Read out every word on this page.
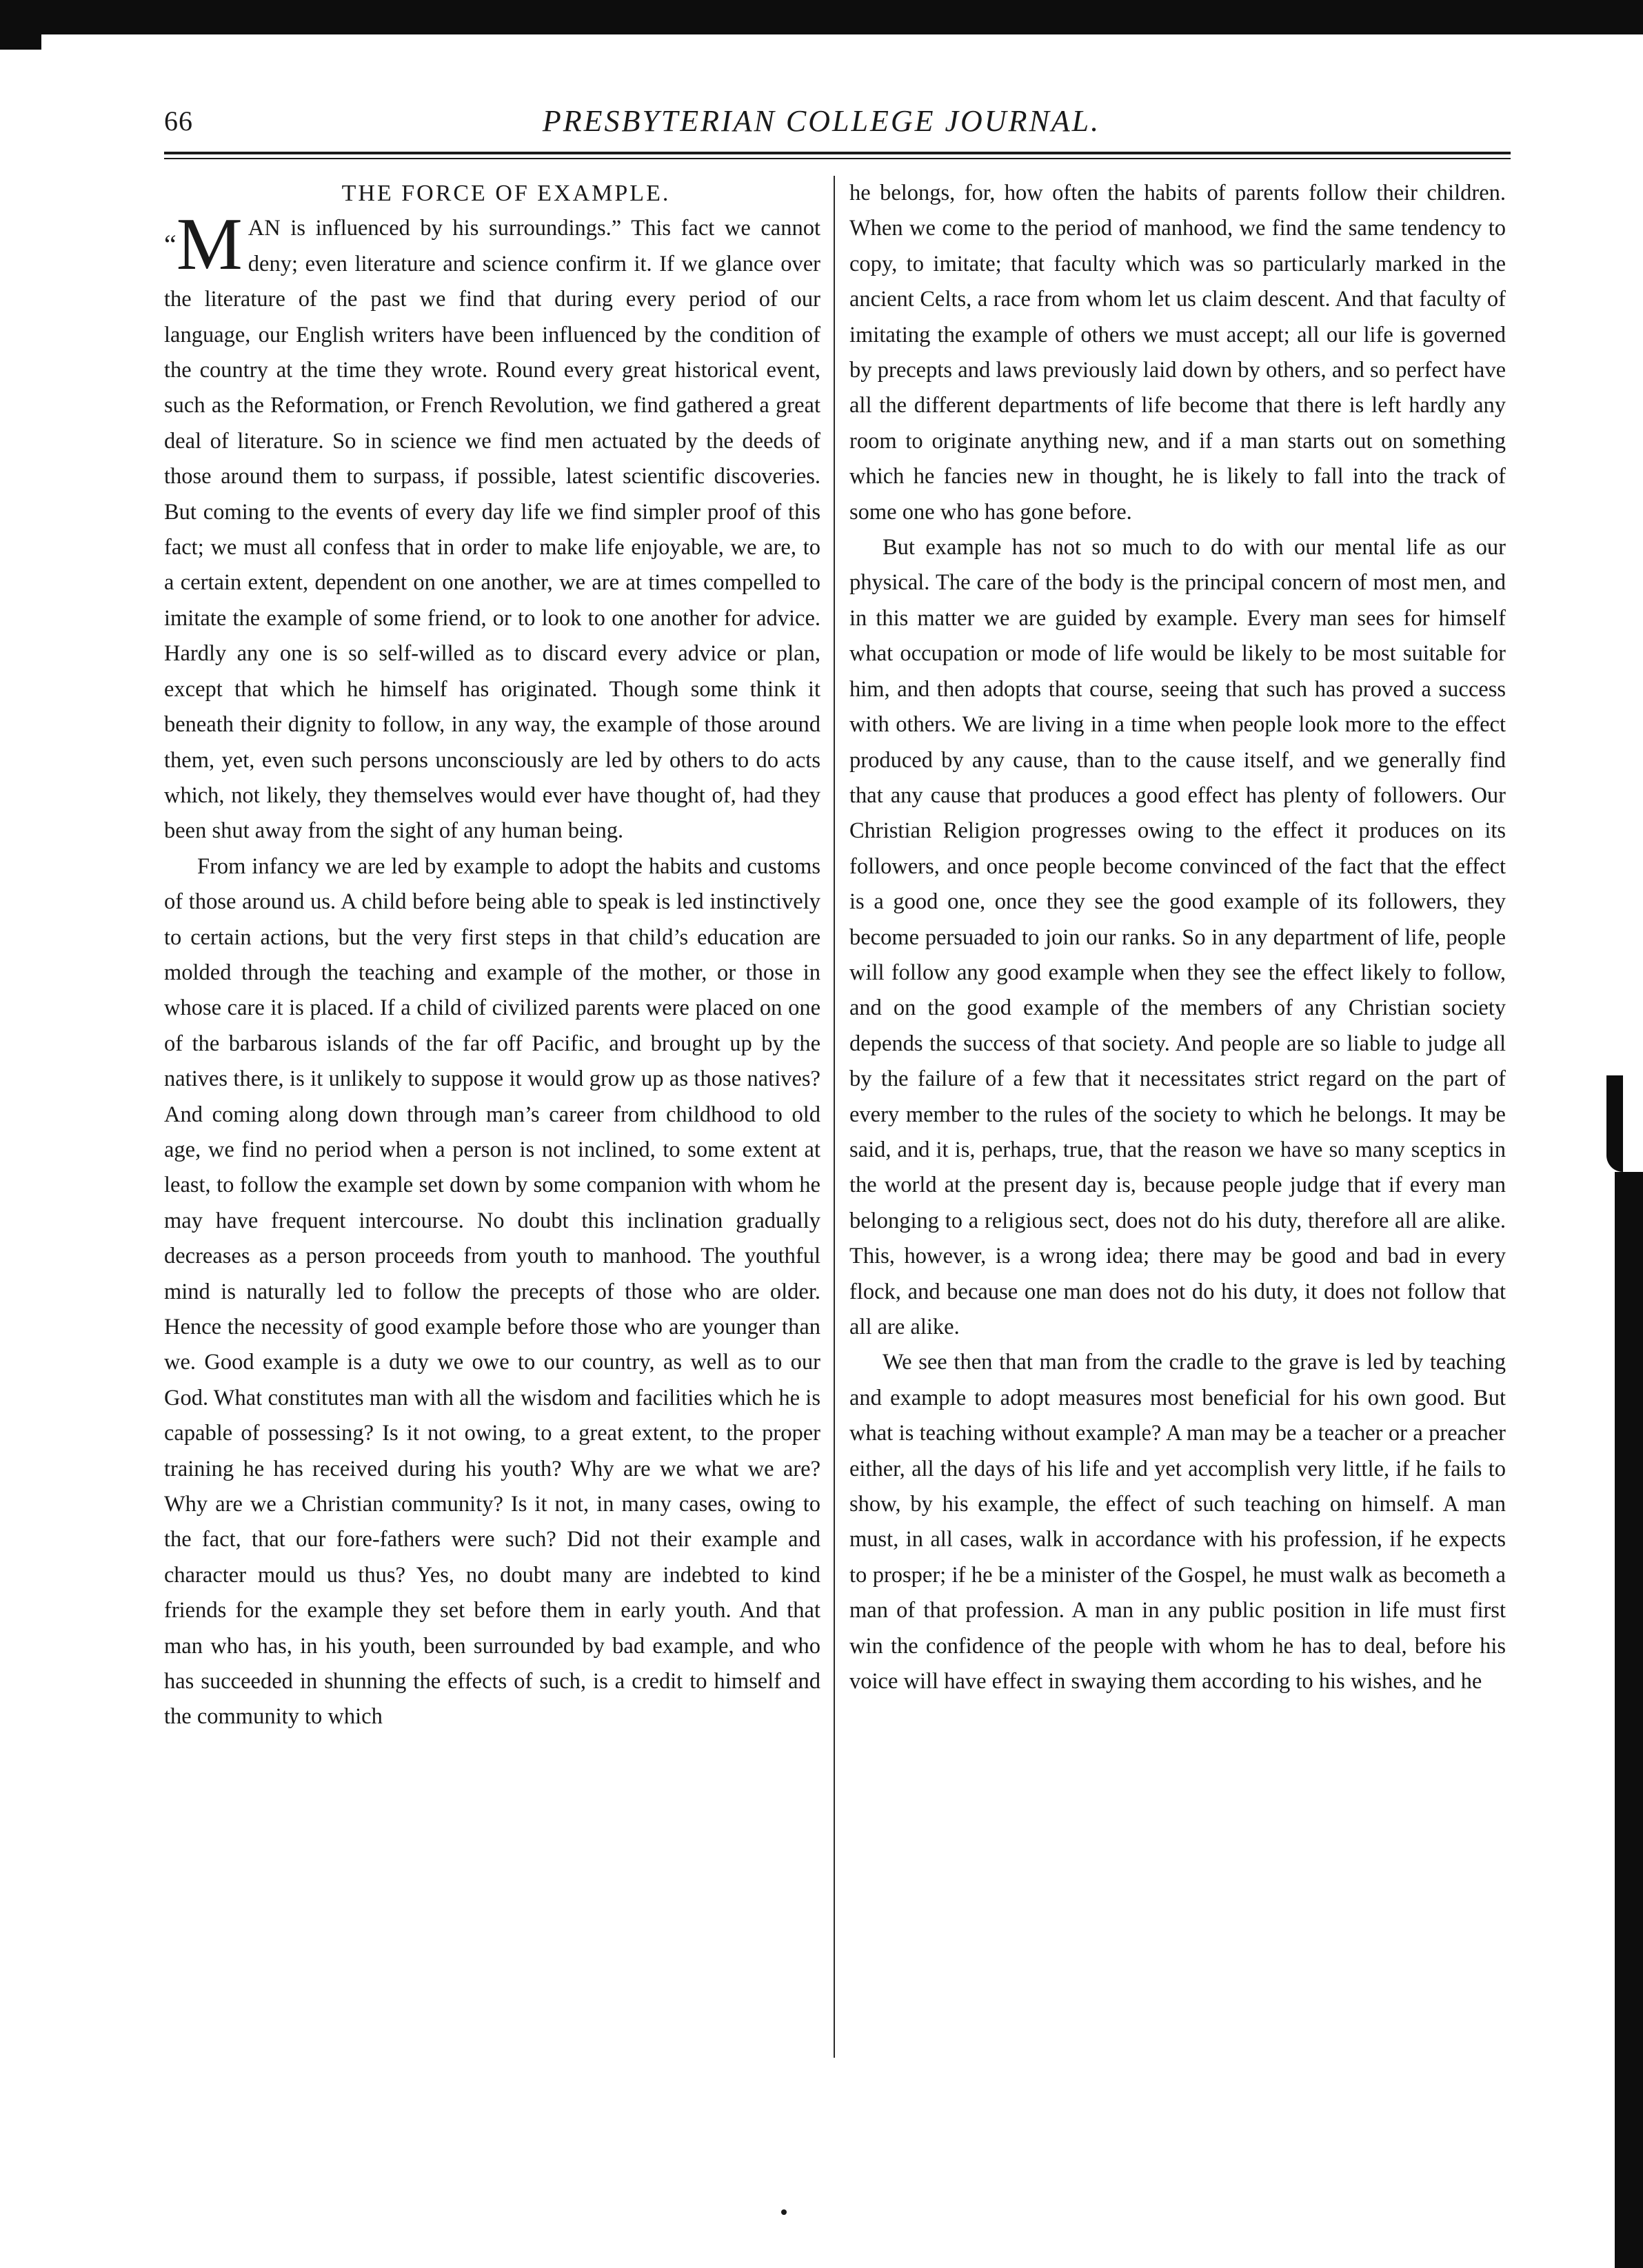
66	PRESBYTERIAN COLLEGE JOURNAL.
THE FORCE OF EXAMPLE.

“M AN is influenced by his surroundings.” This fact we cannot deny; even literature and science confirm it. If we glance over the literature of the past we find that during every period of our language, our English writers have been influenced by the condition of the country at the time they wrote. Round every great historical event, such as the Reformation, or French Revolution, we find gathered a great deal of literature. So in science we find men actuated by the deeds of those around them to surpass, if possible, latest scientific discoveries. But coming to the events of every day life we find simpler proof of this fact; we must all confess that in order to make life enjoyable, we are, to a certain extent, dependent on one another, we are at times compelled to imitate the example of some friend, or to look to one another for advice. Hardly any one is so self-willed as to discard every advice or plan, except that which he himself has originated. Though some think it beneath their dignity to follow, in any way, the example of those around them, yet, even such persons unconsciously are led by others to do acts which, not likely, they themselves would ever have thought of, had they been shut away from the sight of any human being.

From infancy we are led by example to adopt the habits and customs of those around us. A child before being able to speak is led instinctively to certain actions, but the very first steps in that child’s education are molded through the teaching and example of the mother, or those in whose care it is placed. If a child of civilized parents were placed on one of the barbarous islands of the far off Pacific, and brought up by the natives there, is it unlikely to suppose it would grow up as those natives? And coming along down through man’s career from childhood to old age, we find no period when a person is not inclined, to some extent at least, to follow the example set down by some companion with whom he may have frequent intercourse. No doubt this inclination gradually decreases as a person proceeds from youth to manhood. The youthful mind is naturally led to follow the precepts of those who are older. Hence the necessity of good example before those who are younger than we. Good example is a duty we owe to our country, as well as to our God. What constitutes man with all the wisdom and facilities which he is capable of possessing? Is it not owing, to a great extent, to the proper training he has received during his youth? Why are we what we are? Why are we a Christian community? Is it not, in many cases, owing to the fact, that our fore-fathers were such? Did not their example and character mould us thus? Yes, no doubt many are indebted to kind friends for the example they set before them in early youth. And that man who has, in his youth, been surrounded by bad example, and who has succeeded in shunning the effects of such, is a credit to himself and the community to which

he belongs, for, how often the habits of parents follow their children. When we come to the period of manhood, we find the same tendency to copy, to imitate; that faculty which was so particularly marked in the ancient Celts, a race from whom let us claim descent. And that faculty of imitating the example of others we must accept; all our life is governed by precepts and laws previously laid down by others, and so perfect have all the different departments of life become that there is left hardly any room to originate anything new, and if a man starts out on something which he fancies new in thought, he is likely to fall into the track of some one who has gone before.

But example has not so much to do with our mental life as our physical. The care of the body is the principal concern of most men, and in this matter we are guided by example. Every man sees for himself what occupation or mode of life would be likely to be most suitable for him, and then adopts that course, seeing that such has proved a success with others. We are living in a time when people look more to the effect produced by any cause, than to the cause itself, and we generally find that any cause that produces a good effect has plenty of followers. Our Christian Religion progresses owing to the effect it produces on its followers, and once people become convinced of the fact that the effect is a good one, once they see the good example of its followers, they become persuaded to join our ranks. So in any department of life, people will follow any good example when they see the effect likely to follow, and on the good example of the members of any Christian society depends the success of that society. And people are so liable to judge all by the failure of a few that it necessitates strict regard on the part of every member to the rules of the society to which he belongs. It may be said, and it is, perhaps, true, that the reason we have so many sceptics in the world at the present day is, because people judge that if every man belonging to a religious sect, does not do his duty, therefore all are alike. This, however, is a wrong idea; there may be good and bad in every flock, and because one man does not do his duty, it does not follow that all are alike.

We see then that man from the cradle to the grave is led by teaching and example to adopt measures most beneficial for his own good. But what is teaching without example? A man may be a teacher or a preacher either, all the days of his life and yet accomplish very little, if he fails to show, by his example, the effect of such teaching on himself. A man must, in all cases, walk in accordance with his profession, if he expects to prosper; if he be a minister of the Gospel, he must walk as becometh a man of that profession. A man in any public position in life must first win the confidence of the people with whom he has to deal, before his voice will have effect in swaying them according to his wishes, and he
